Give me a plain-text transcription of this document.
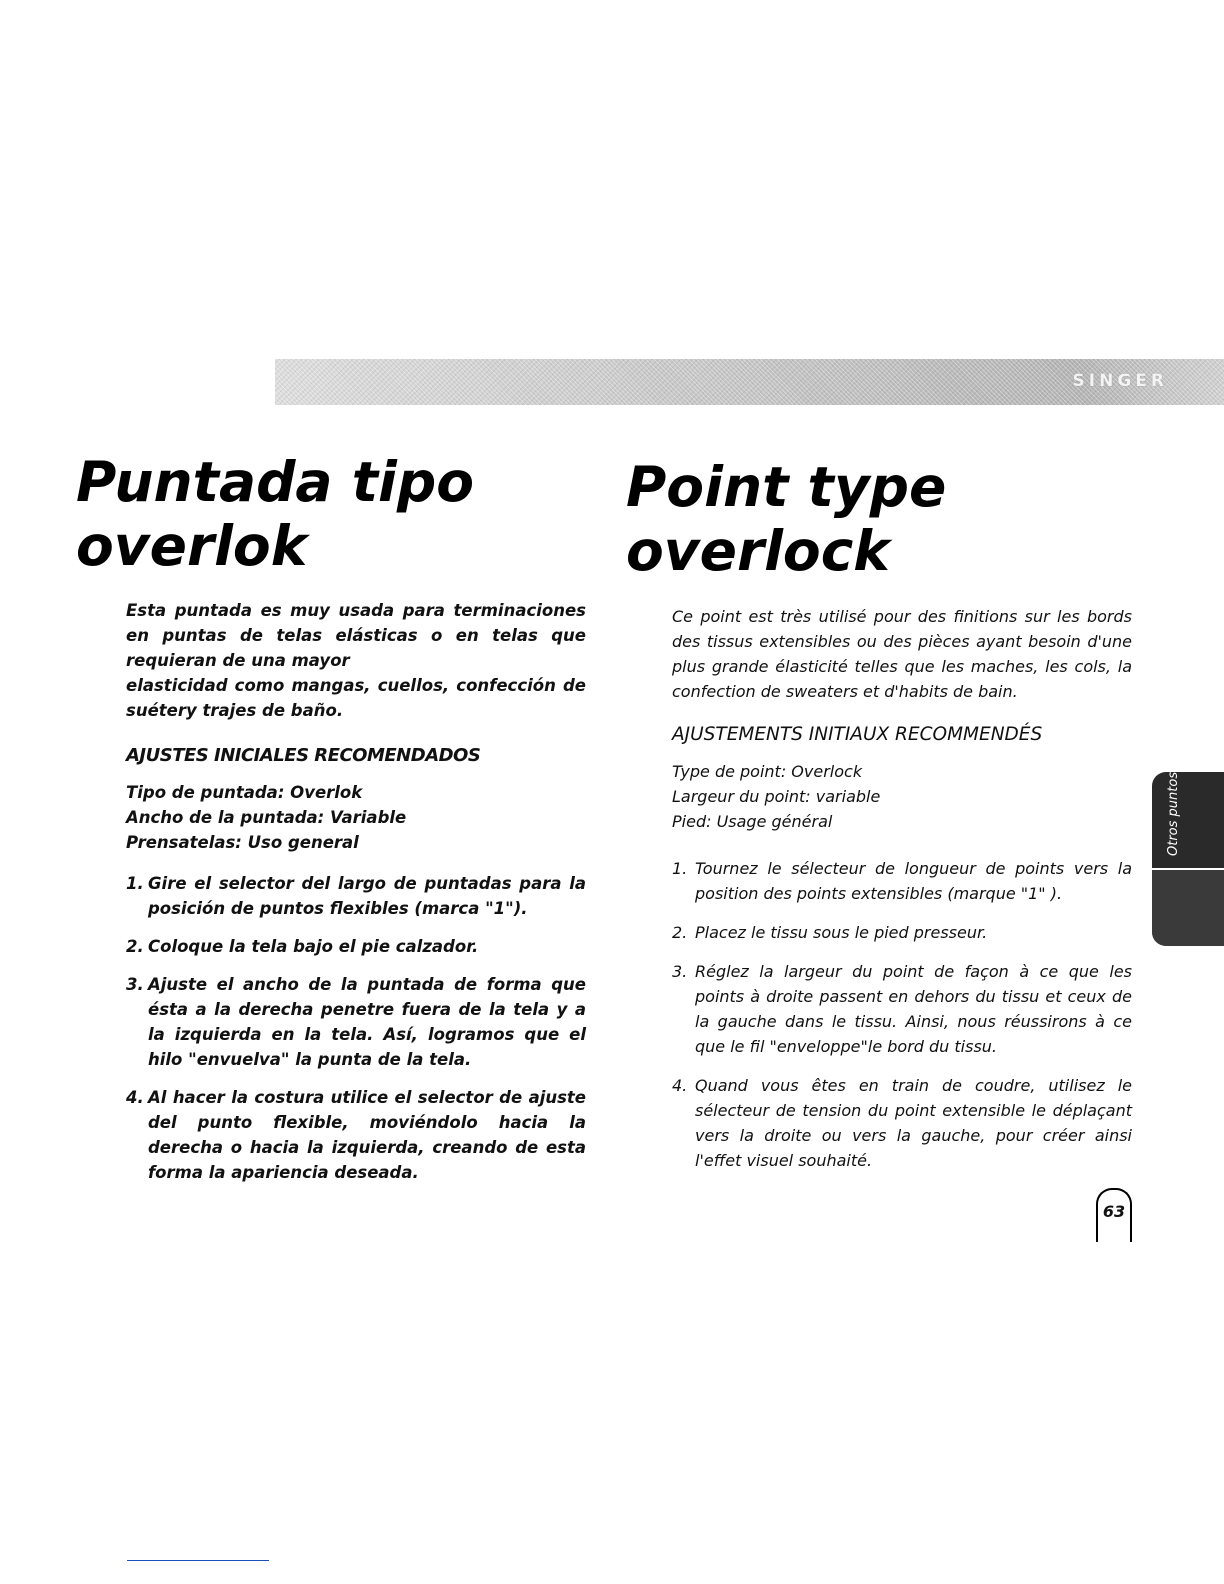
SINGER
Puntada tipo
overlok
Point type
overlock

Esta puntada es muy usada para terminaciones en puntas de telas elásticas o en telas que requieran de una mayor

elasticidad como mangas, cuellos, confección de suétery trajes de baño.

AJUSTES INICIALES RECOMENDADOS

Tipo de puntada: Overlok

Ancho de la puntada: Variable

Prensatelas: Uso general

1. Gire el selector del largo de puntadas para la posición de puntos flexibles (marca "1").
2. Coloque la tela bajo el pie calzador.
3. Ajuste el ancho de la puntada de forma que ésta a la derecha penetre fuera de la tela y a la izquierda en la tela. Así, logramos que el hilo "envuelva" la punta de la tela.
4. Al hacer la costura utilice el selector de ajuste del punto flexible, moviéndolo hacia la derecha o hacia la izquierda, creando de esta forma la apariencia deseada.

Ce point est très utilisé pour des finitions sur les bords des tissus extensibles ou des pièces ayant besoin d'une plus grande élasticité telles que les maches, les cols, la confection de sweaters et d'habits de bain.

AJUSTEMENTS INITIAUX RECOMMENDÉS

Type de point: Overlock

Largeur du point: variable

Pied: Usage général

1. Tournez le sélecteur de longueur de points vers la position des points extensibles (marque "1" ).
2. Placez le tissu sous le pied presseur.
3. Réglez la largeur du point de façon à ce que les points à droite passent en dehors du tissu et ceux de la gauche dans le tissu. Ainsi, nous réussirons à ce que le fil "enveloppe"le bord du tissu.
4. Quand vous êtes en train de coudre, utilisez le sélecteur de tension du point extensible le déplaçant vers la droite ou vers la gauche, pour créer ainsi l'effet visuel souhaité.
Otros puntos
63
